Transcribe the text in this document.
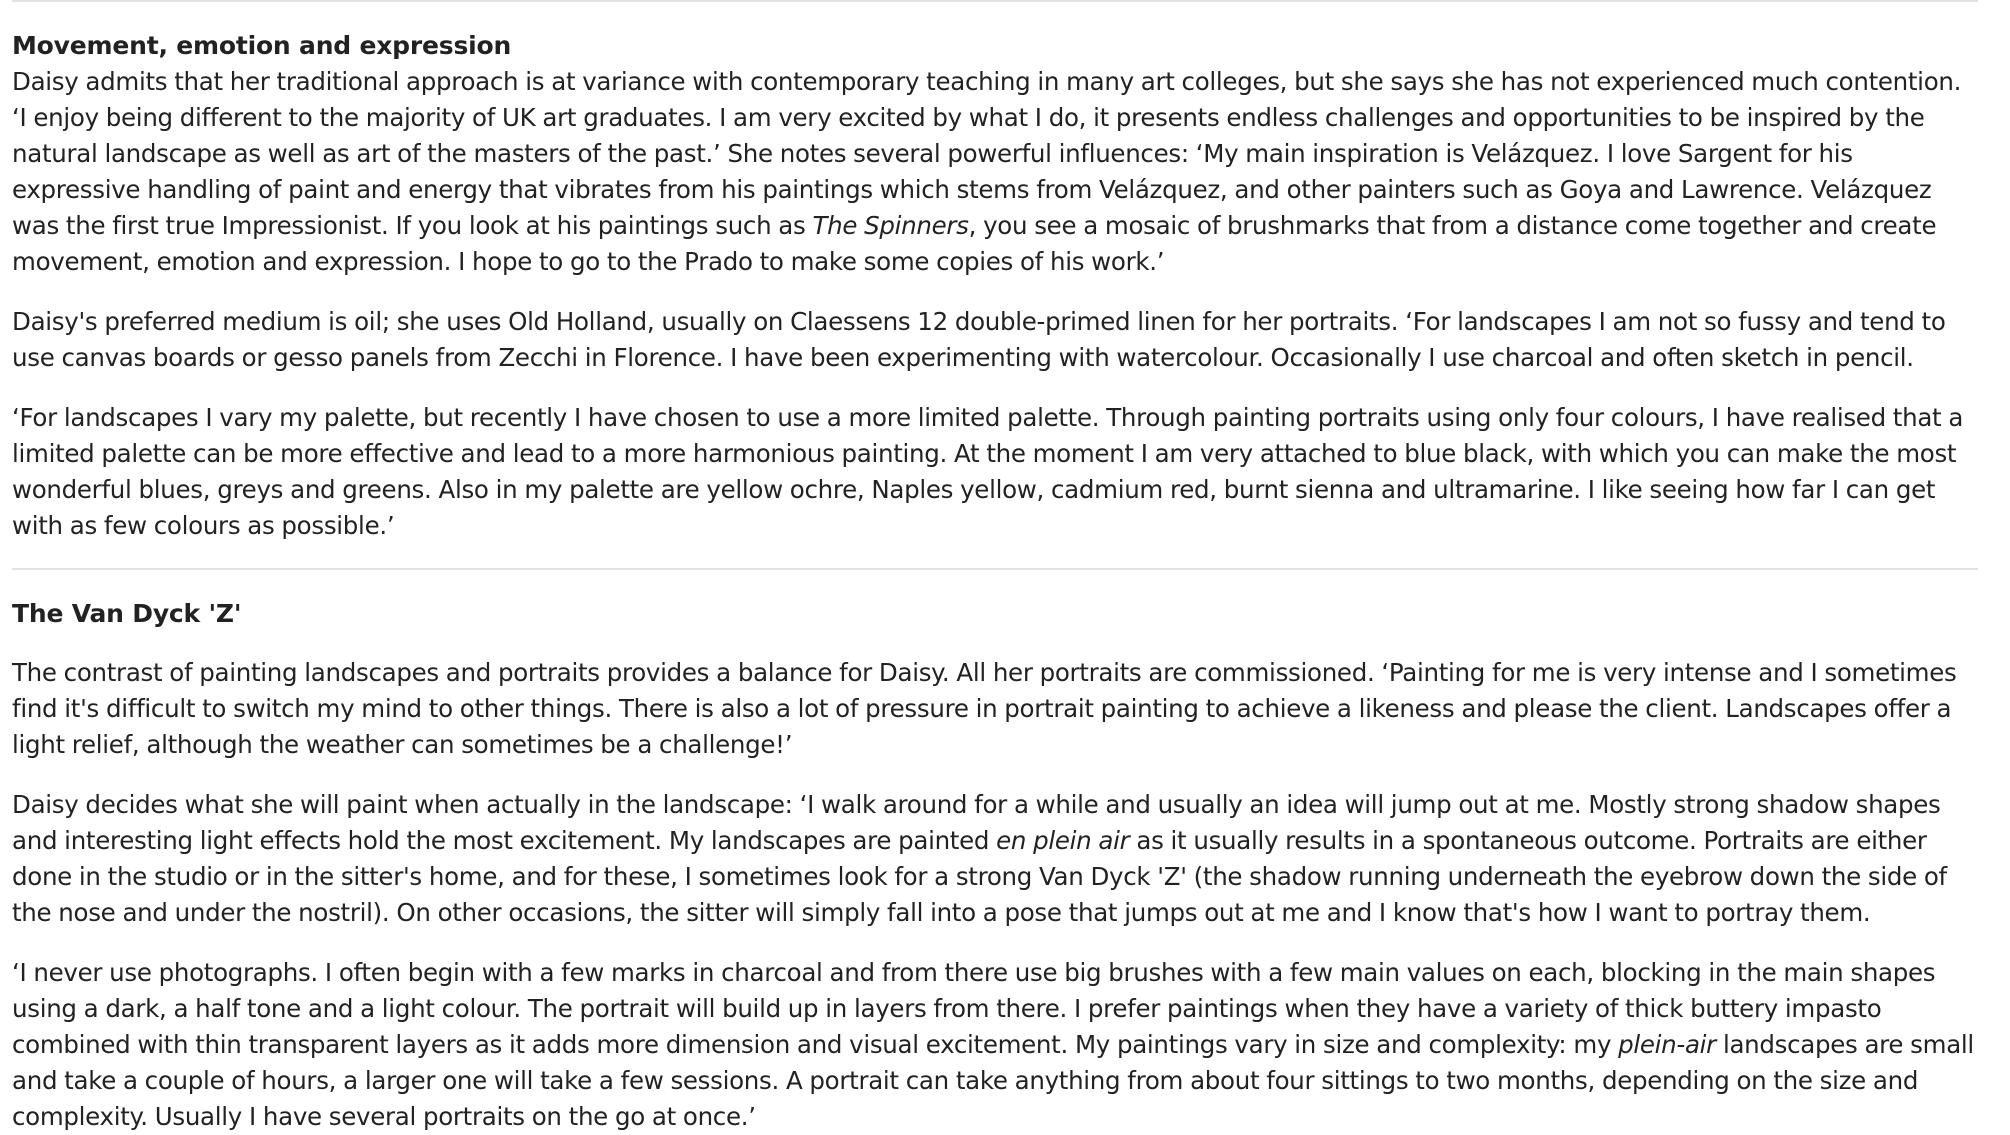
Movement, emotion and expression

Daisy admits that her traditional approach is at variance with contemporary teaching in many art colleges, but she says she has not experienced much contention. ‘I enjoy being different to the majority of UK art graduates. I am very excited by what I do, it presents endless challenges and opportunities to be inspired by the natural landscape as well as art of the masters of the past.’ She notes several powerful influences: ‘My main inspiration is Velázquez. I love Sargent for his expressive handling of paint and energy that vibrates from his paintings which stems from Velázquez, and other painters such as Goya and Lawrence. Velázquez was the first true Impressionist. If you look at his paintings such as The Spinners, you see a mosaic of brushmarks that from a distance come together and create movement, emotion and expression. I hope to go to the Prado to make some copies of his work.’

Daisy's preferred medium is oil; she uses Old Holland, usually on Claessens 12 double-primed linen for her portraits. ‘For landscapes I am not so fussy and tend to use canvas boards or gesso panels from Zecchi in Florence. I have been experimenting with watercolour. Occasionally I use charcoal and often sketch in pencil.

‘For landscapes I vary my palette, but recently I have chosen to use a more limited palette. Through painting portraits using only four colours, I have realised that a limited palette can be more effective and lead to a more harmonious painting. At the moment I am very attached to blue black, with which you can make the most wonderful blues, greys and greens. Also in my palette are yellow ochre, Naples yellow, cadmium red, burnt sienna and ultramarine. I like seeing how far I can get with as few colours as possible.’

The Van Dyck 'Z'

The contrast of painting landscapes and portraits provides a balance for Daisy. All her portraits are commissioned. ‘Painting for me is very intense and I sometimes find it's difficult to switch my mind to other things. There is also a lot of pressure in portrait painting to achieve a likeness and please the client. Landscapes offer a light relief, although the weather can sometimes be a challenge!’

Daisy decides what she will paint when actually in the landscape: ‘I walk around for a while and usually an idea will jump out at me. Mostly strong shadow shapes and interesting light effects hold the most excitement. My landscapes are painted en plein air as it usually results in a spontaneous outcome. Portraits are either done in the studio or in the sitter's home, and for these, I sometimes look for a strong Van Dyck 'Z' (the shadow running underneath the eyebrow down the side of the nose and under the nostril). On other occasions, the sitter will simply fall into a pose that jumps out at me and I know that's how I want to portray them.

‘I never use photographs. I often begin with a few marks in charcoal and from there use big brushes with a few main values on each, blocking in the main shapes using a dark, a half tone and a light colour. The portrait will build up in layers from there. I prefer paintings when they have a variety of thick buttery impasto combined with thin transparent layers as it adds more dimension and visual excitement. My paintings vary in size and complexity: my plein-air landscapes are small and take a couple of hours, a larger one will take a few sessions. A portrait can take anything from about four sittings to two months, depending on the size and complexity. Usually I have several portraits on the go at once.’
